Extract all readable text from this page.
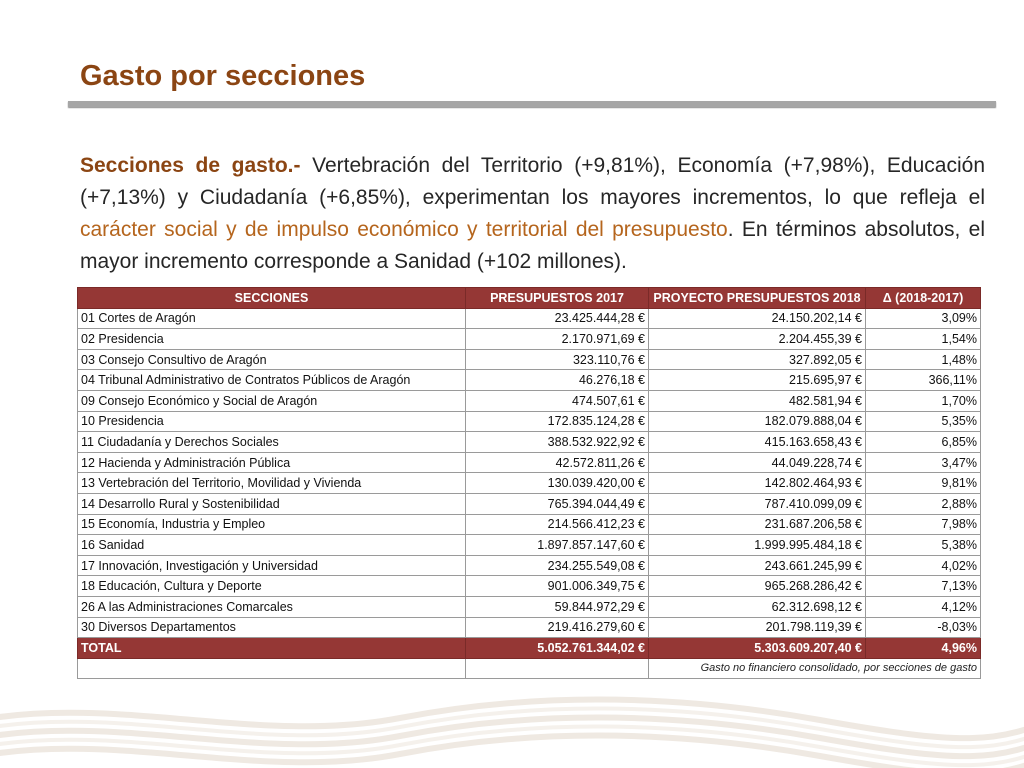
Gasto por secciones

Secciones de gasto.- Vertebración del Territorio (+9,81%), Economía (+7,98%), Educación (+7,13%) y Ciudadanía (+6,85%), experimentan los mayores incrementos, lo que refleja el carácter social y de impulso económico y territorial del presupuesto. En términos absolutos, el mayor incremento corresponde a Sanidad (+102 millones).

SECCIONES	PRESUPUESTOS 2017	PROYECTO PRESUPUESTOS 2018	Δ (2018-2017)
01 Cortes de Aragón	23.425.444,28 €	24.150.202,14 €	3,09%
02 Presidencia	2.170.971,69 €	2.204.455,39 €	1,54%
03 Consejo Consultivo de Aragón	323.110,76 €	327.892,05 €	1,48%
04 Tribunal Administrativo de Contratos Públicos de Aragón	46.276,18 €	215.695,97 €	366,11%
09 Consejo Económico y Social de Aragón	474.507,61 €	482.581,94 €	1,70%
10 Presidencia	172.835.124,28 €	182.079.888,04 €	5,35%
11 Ciudadanía y Derechos Sociales	388.532.922,92 €	415.163.658,43 €	6,85%
12 Hacienda y Administración Pública	42.572.811,26 €	44.049.228,74 €	3,47%
13 Vertebración del Territorio, Movilidad y Vivienda	130.039.420,00 €	142.802.464,93 €	9,81%
14 Desarrollo Rural y Sostenibilidad	765.394.044,49 €	787.410.099,09 €	2,88%
15 Economía, Industria y Empleo	214.566.412,23 €	231.687.206,58 €	7,98%
16 Sanidad	1.897.857.147,60 €	1.999.995.484,18 €	5,38%
17 Innovación, Investigación y Universidad	234.255.549,08 €	243.661.245,99 €	4,02%
18 Educación, Cultura y Deporte	901.006.349,75 €	965.268.286,42 €	7,13%
26 A las Administraciones Comarcales	59.844.972,29 €	62.312.698,12 €	4,12%
30 Diversos Departamentos	219.416.279,60 €	201.798.119,39 €	-8,03%
TOTAL	5.052.761.344,02 €	5.303.609.207,40 €	4,96%
		Gasto no financiero consolidado, por secciones de gasto	
